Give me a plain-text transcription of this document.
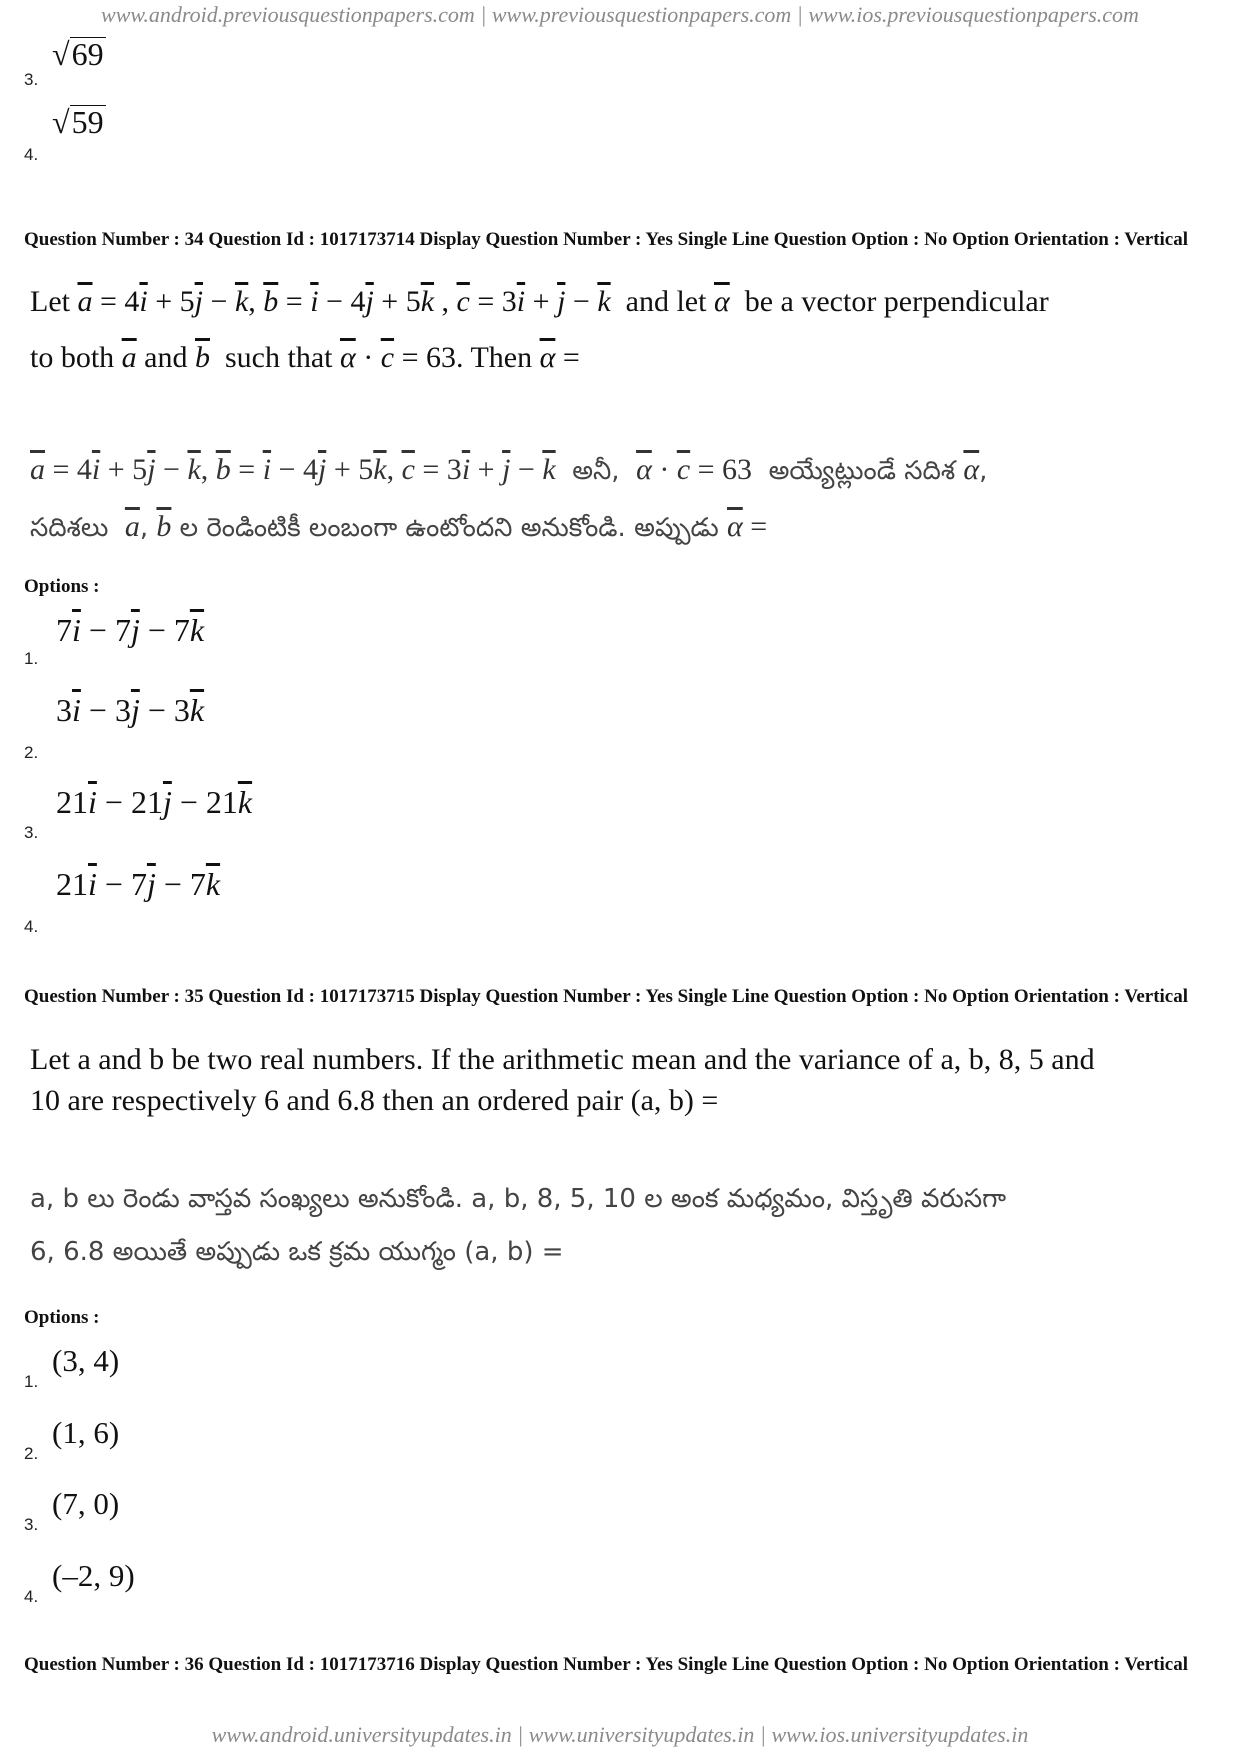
www.android.previousquestionpapers.com | www.previousquestionpapers.com | www.ios.previousquestionpapers.com
3.
√69
4.
√59
Question Number : 34 Question Id : 1017173714 Display Question Number : Yes Single Line Question Option : No Option Orientation : Vertical
Let $\overline{a} = 4\overline{i} + 5\overline{j} - \overline{k}$, $\overline{b} = \overline{i} - 4\overline{j} + 5\overline{k}$ , $\overline{c} = 3\overline{i} + \overline{j} - \overline{k}$ and let $\overline{\alpha}$ be a vector perpendicular
to both $\overline{a}$ and $\overline{b}$ such that $\overline{\alpha} \cdot \overline{c} = 63$. Then $\overline{\alpha}$ =
$\overline{a} = 4\overline{i} + 5\overline{j} - \overline{k}$, $\overline{b} = \overline{i} - 4\overline{j} + 5\overline{k}$, $\overline{c} = 3\overline{i} + \overline{j} - \overline{k}$ అనీ, $\overline{\alpha} \cdot \overline{c} = 63$ అయ్యేట్లుండే సదిశ $\overline{\alpha}$,
సదిశలు $\overline{a}$, $\overline{b}$ ల రెండింటికీ లంబంగా ఉంటోందని అనుకోండి. అప్పుడు $\overline{\alpha}$ =
Options :
1.
$7\overline{i} - 7\overline{j} - 7\overline{k}$
2.
$3\overline{i} - 3\overline{j} - 3\overline{k}$
3.
$21\overline{i} - 21\overline{j} - 21\overline{k}$
4.
$21\overline{i} - 7\overline{j} - 7\overline{k}$
Question Number : 35 Question Id : 1017173715 Display Question Number : Yes Single Line Question Option : No Option Orientation : Vertical
Let a and b be two real numbers. If the arithmetic mean and the variance of a, b, 8, 5 and
10 are respectively 6 and 6.8 then an ordered pair (a, b) =
a, b లు రెండు వాస్తవ సంఖ్యలు అనుకోండి. a, b, 8, 5, 10 ల అంక మధ్యమం, విస్తృతి వరుసగా
6, 6.8 అయితే అప్పుడు ఒక క్రమ యుగ్మం (a, b) =
Options :
1.
(3, 4)
2.
(1, 6)
3.
(7, 0)
4.
(–2, 9)
Question Number : 36 Question Id : 1017173716 Display Question Number : Yes Single Line Question Option : No Option Orientation : Vertical
www.android.universityupdates.in | www.universityupdates.in | www.ios.universityupdates.in
